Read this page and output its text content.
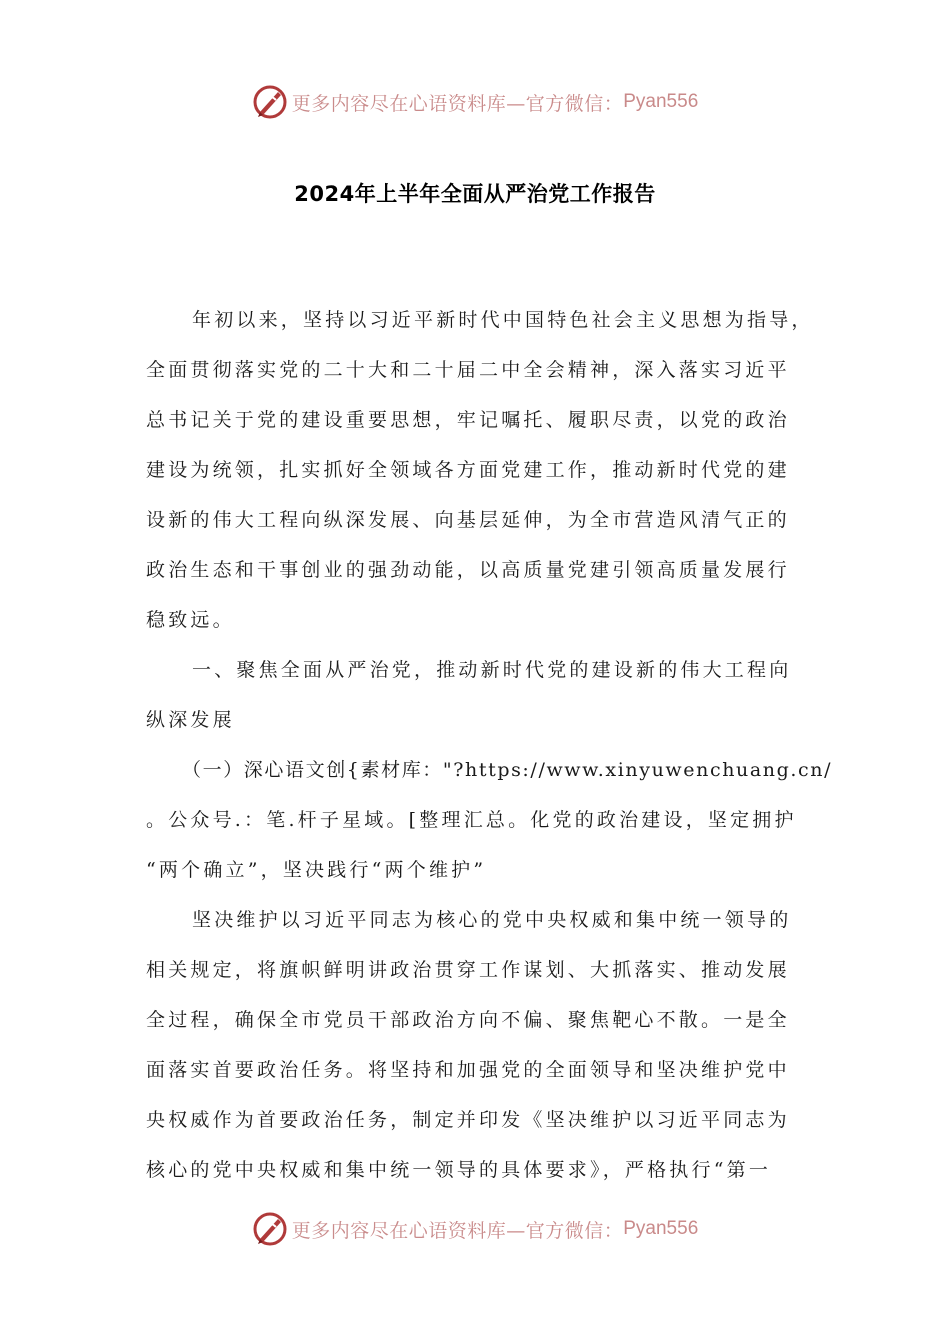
更多内容尽在心语资料库—官方微信： Pyan556
2024年上半年全面从严治党工作报告
年初以来，坚持以习近平新时代中国特色社会主义思想为指导，
全面贯彻落实党的二十大和二十届二中全会精神，深入落实习近平
总书记关于党的建设重要思想，牢记嘱托、履职尽责，以党的政治
建设为统领，扎实抓好全领域各方面党建工作，推动新时代党的建
设新的伟大工程向纵深发展、向基层延伸，为全市营造风清气正的
政治生态和干事创业的强劲动能，以高质量党建引领高质量发展行
稳致远。
一、聚焦全面从严治党，推动新时代党的建设新的伟大工程向
纵深发展
（一）深心语文创{素材库："?https://www.xinyuwenchuang.cn/
。公众号.：笔.杆子星域。[整理汇总。化党的政治建设，坚定拥护
“两个确立”，坚决践行“两个维护”
坚决维护以习近平同志为核心的党中央权威和集中统一领导的
相关规定，将旗帜鲜明讲政治贯穿工作谋划、大抓落实、推动发展
全过程，确保全市党员干部政治方向不偏、聚焦靶心不散。一是全
面落实首要政治任务。将坚持和加强党的全面领导和坚决维护党中
央权威作为首要政治任务，制定并印发《坚决维护以习近平同志为
核心的党中央权威和集中统一领导的具体要求》，严格执行“第一
更多内容尽在心语资料库—官方微信： Pyan556
